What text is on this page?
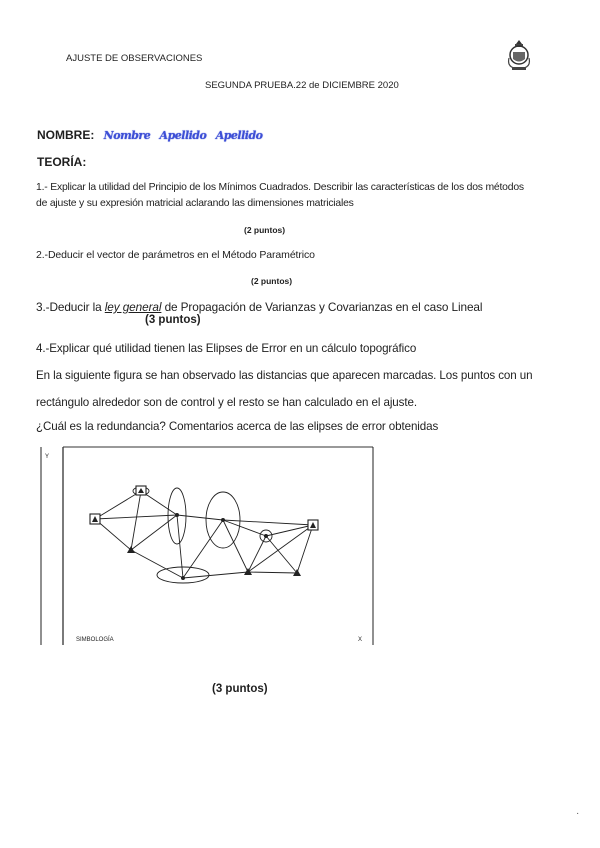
AJUSTE DE OBSERVACIONES
SEGUNDA PRUEBA.22 de DICIEMBRE 2020
NOMBRE: Nombre Apellido Apellido
TEORÍA:
1.- Explicar la utilidad del Principio de los Mínimos Cuadrados. Describir las características de los dos métodos
de ajuste y su expresión matricial aclarando las dimensiones matriciales
(2 puntos)
2.-Deducir el vector de parámetros en el Método Paramétrico
(2 puntos)
3.-Deducir la ley general de Propagación de Varianzas y Covarianzas en el caso Lineal
(3 puntos)
4.-Explicar qué utilidad tienen las Elipses de Error en un cálculo topográfico
En la siguiente figura se han observado las distancias que aparecen marcadas. Los puntos con un
rectángulo alrededor son de control y el resto se han calculado en el ajuste.
¿Cuál es la redundancia? Comentarios acerca de las elipses de error obtenidas
Y
SIMBOLOGÍA	X
(3 puntos)
·
